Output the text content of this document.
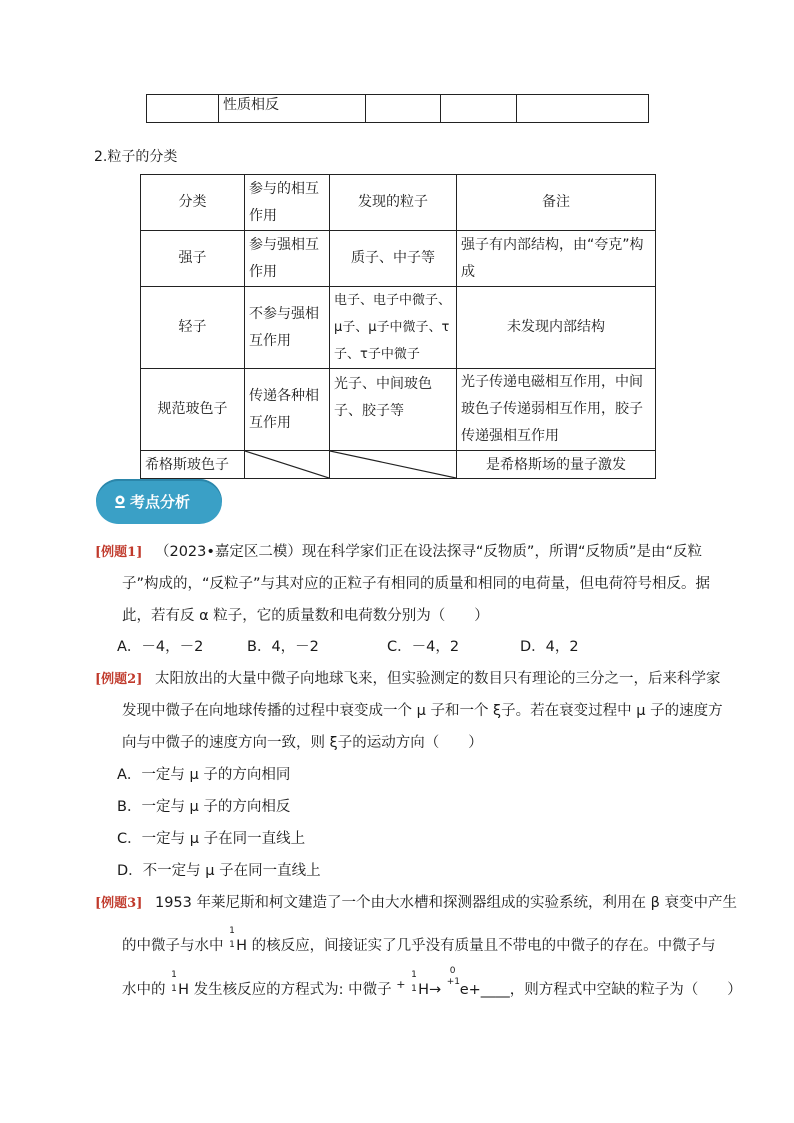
	性质相反			
2.粒子的分类
分类	参与的相互作用	发现的粒子	备注
强子	参与强相互作用	质子、中子等	强子有内部结构，由“夸克”构成
轻子	不参与强相互作用	电子、电子中微子、μ子、μ子中微子、τ子、τ子中微子	未发现内部结构
规范玻色子	传递各种相互作用	光子、中间玻色子、胶子等	光子传递电磁相互作用，中间玻色子传递弱相互作用，胶子传递强相互作用
希格斯玻色子			是希格斯场的量子激发
考点分析
[例题1] （2023•嘉定区二模）现在科学家们正在设法探寻“反物质”，所谓“反物质”是由“反粒
子”构成的，“反粒子”与其对应的正粒子有相同的质量和相同的电荷量，但电荷符号相反。据
此，若有反 α 粒子，它的质量数和电荷数分别为（　　）
A．－4，－2	B．4，－2	C．－4，2	D．4，2
[例题2] 太阳放出的大量中微子向地球飞来，但实验测定的数目只有理论的三分之一，后来科学家
发现中微子在向地球传播的过程中衰变成一个 μ 子和一个 ξ子。若在衰变过程中 μ 子的速度方
向与中微子的速度方向一致，则 ξ子的运动方向（　　）
A．一定与 μ 子的方向相同
B．一定与 μ 子的方向相反
C．一定与 μ 子在同一直线上
D．不一定与 μ 子在同一直线上
[例题3] 1953 年莱尼斯和柯文建造了一个由大水槽和探测器组成的实验系统，利用在 β 衰变中产生
的中微子与水中
1
1 H 的核反应，间接证实了几乎没有质量且不带电的中微子的存在。中微子与
水中的
1
1 H 发生核反应的方程式为: 中微子 +
1
1 H→
0
+1 e+____，则方程式中空缺的粒子为（　　）
